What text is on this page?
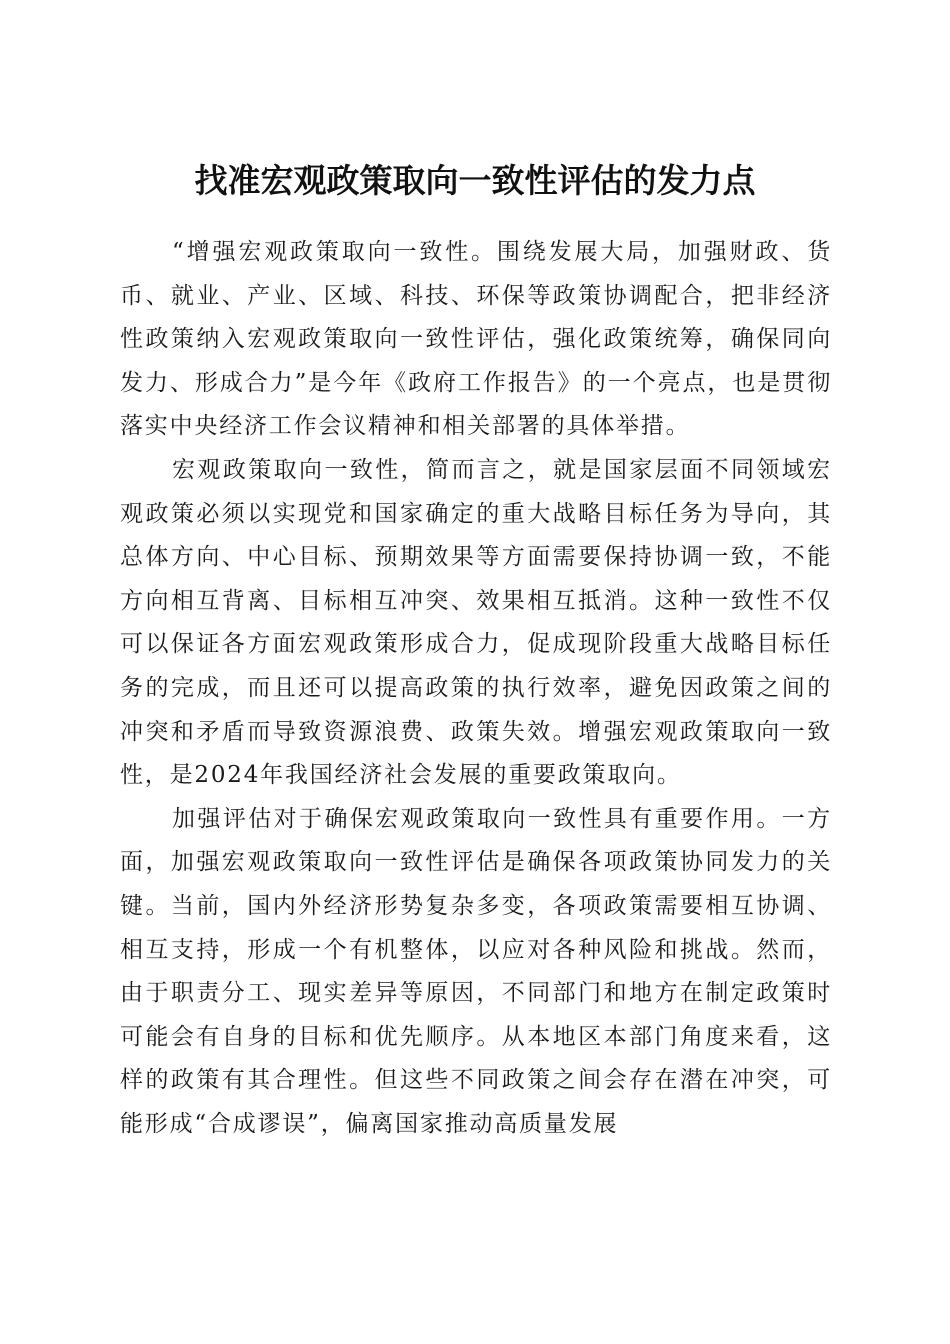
找准宏观政策取向一致性评估的发力点

“增强宏观政策取向一致性。围绕发展大局，加强财政、货币、就业、产业、区域、科技、环保等政策协调配合，把非经济性政策纳入宏观政策取向一致性评估，强化政策统筹，确保同向发力、形成合力”是今年《政府工作报告》的一个亮点，也是贯彻落实中央经济工作会议精神和相关部署的具体举措。

宏观政策取向一致性，简而言之，就是国家层面不同领域宏观政策必须以实现党和国家确定的重大战略目标任务为导向，其总体方向、中心目标、预期效果等方面需要保持协调一致，不能方向相互背离、目标相互冲突、效果相互抵消。这种一致性不仅可以保证各方面宏观政策形成合力，促成现阶段重大战略目标任务的完成，而且还可以提高政策的执行效率，避免因政策之间的冲突和矛盾而导致资源浪费、政策失效。增强宏观政策取向一致性，是2024年我国经济社会发展的重要政策取向。

加强评估对于确保宏观政策取向一致性具有重要作用。一方面，加强宏观政策取向一致性评估是确保各项政策协同发力的关键。当前，国内外经济形势复杂多变，各项政策需要相互协调、相互支持，形成一个有机整体，以应对各种风险和挑战。然而，由于职责分工、现实差异等原因，不同部门和地方在制定政策时可能会有自身的目标和优先顺序。从本地区本部门角度来看，这样的政策有其合理性。但这些不同政策之间会存在潜在冲突，可能形成“合成谬误”，偏离国家推动高质量发展
